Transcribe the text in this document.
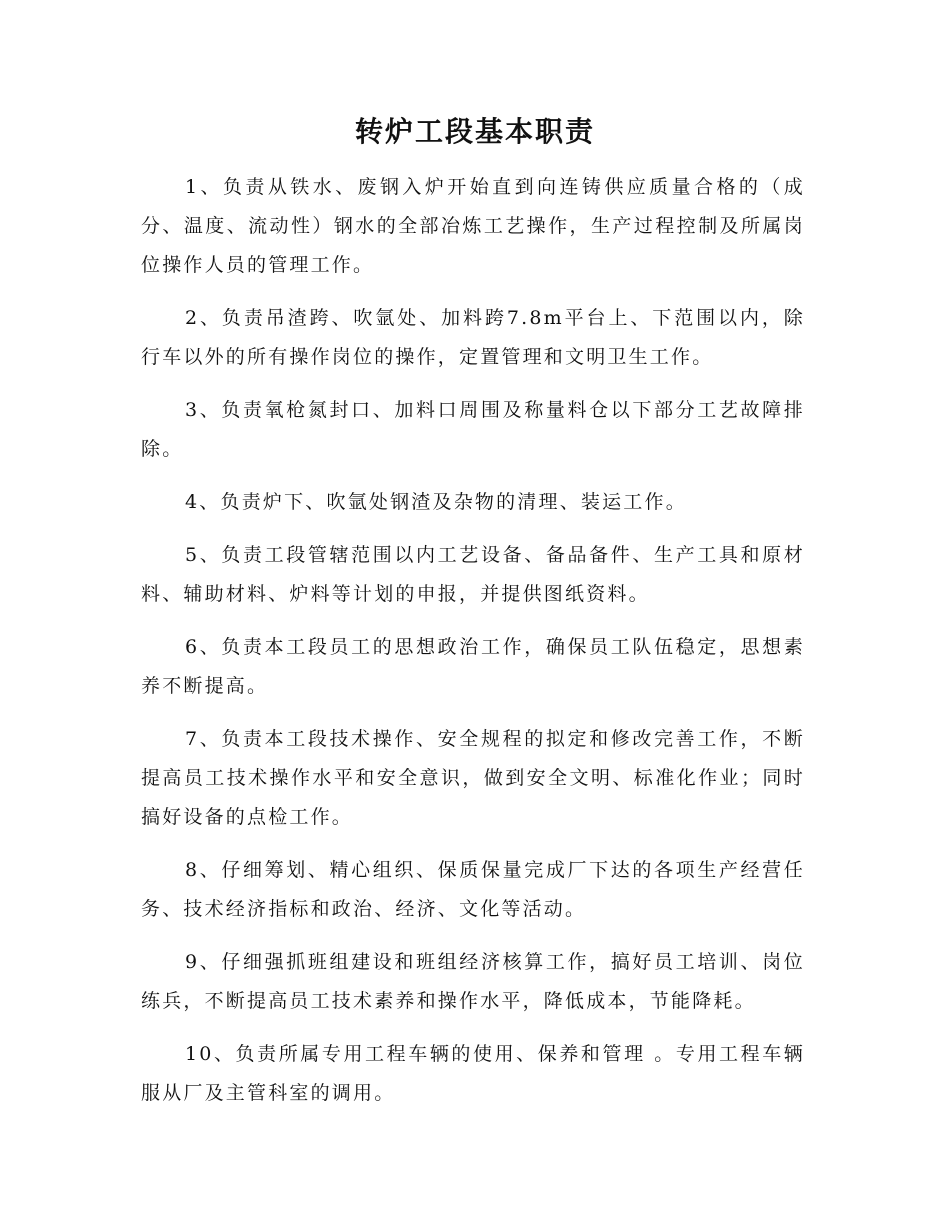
转炉工段基本职责

1、负责从铁水、废钢入炉开始直到向连铸供应质量合格的（成分、温度、流动性）钢水的全部冶炼工艺操作，生产过程控制及所属岗位操作人员的管理工作。

2、负责吊渣跨、吹氩处、加料跨7.8m平台上、下范围以内，除行车以外的所有操作岗位的操作，定置管理和文明卫生工作。

3、负责氧枪氮封口、加料口周围及称量料仓以下部分工艺故障排除。

4、负责炉下、吹氩处钢渣及杂物的清理、装运工作。

5、负责工段管辖范围以内工艺设备、备品备件、生产工具和原材料、辅助材料、炉料等计划的申报，并提供图纸资料。

6、负责本工段员工的思想政治工作，确保员工队伍稳定，思想素养不断提高。

7、负责本工段技术操作、安全规程的拟定和修改完善工作，不断提高员工技术操作水平和安全意识，做到安全文明、标准化作业；同时搞好设备的点检工作。

8、仔细筹划、精心组织、保质保量完成厂下达的各项生产经营任务、技术经济指标和政治、经济、文化等活动。

9、仔细强抓班组建设和班组经济核算工作，搞好员工培训、岗位练兵，不断提高员工技术素养和操作水平，降低成本，节能降耗。

10、负责所属专用工程车辆的使用、保养和管理 。专用工程车辆服从厂及主管科室的调用。
